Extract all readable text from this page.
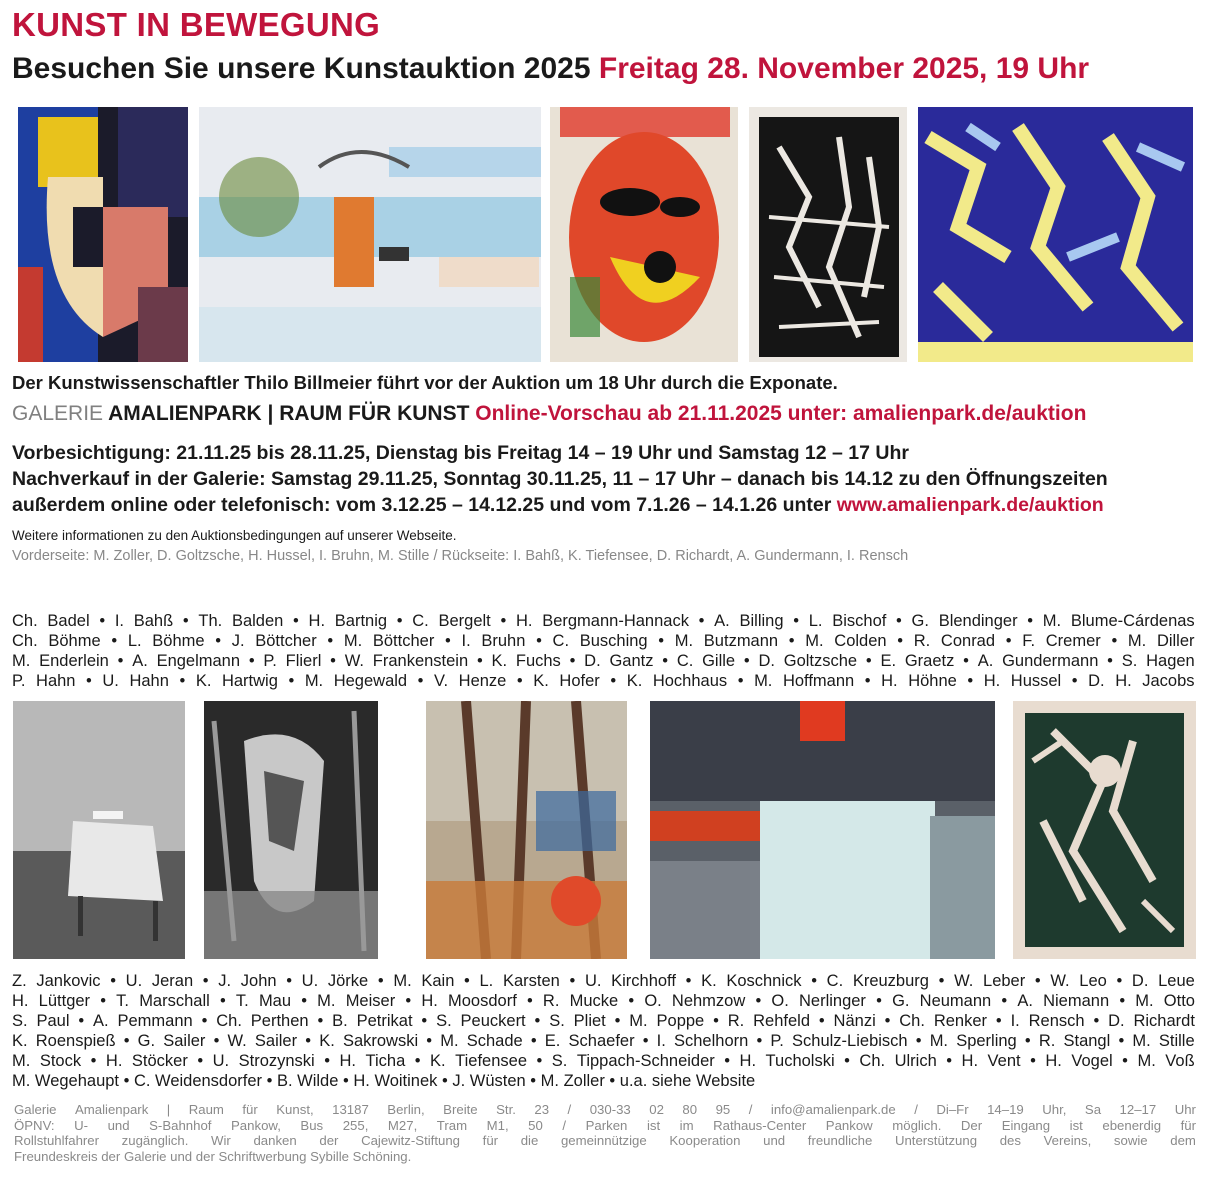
KUNST IN BEWEGUNG
Besuchen Sie unsere Kunstauktion 2025 Freitag 28. November 2025, 19 Uhr
Der Kunstwissenschaftler Thilo Billmeier führt vor der Auktion um 18 Uhr durch die Exponate.
GALERIE AMALIENPARK | RAUM FÜR KUNST Online-Vorschau ab 21.11.2025 unter: amalienpark.de/auktion
Vorbesichtigung: 21.11.25 bis 28.11.25, Dienstag bis Freitag 14 – 19 Uhr und Samstag 12 – 17 Uhr
Nachverkauf in der Galerie: Samstag 29.11.25, Sonntag 30.11.25, 11 – 17 Uhr – danach bis 14.12 zu den Öffnungszeiten
außerdem online oder telefonisch: vom 3.12.25 – 14.12.25 und vom 7.1.26 – 14.1.26 unter www.amalienpark.de/auktion
Weitere informationen zu den Auktionsbedingungen auf unserer Webseite.
Vorderseite: M. Zoller, D. Goltzsche, H. Hussel, I. Bruhn, M. Stille / Rückseite: I. Bahß, K. Tiefensee, D. Richardt, A. Gundermann, I. Rensch
Ch. Badel • I. Bahß • Th. Balden • H. Bartnig • C. Bergelt • H. Bergmann-Hannack • A. Billing • L. Bischof • G. Blendinger • M. Blume-Cárdenas
Ch. Böhme • L. Böhme • J. Böttcher • M. Böttcher • I. Bruhn • C. Busching • M. Butzmann • M. Colden • R. Conrad • F. Cremer • M. Diller
M. Enderlein • A. Engelmann • P. Flierl • W. Frankenstein • K. Fuchs • D. Gantz • C. Gille • D. Goltzsche • E. Graetz • A. Gundermann • S. Hagen
P. Hahn • U. Hahn • K. Hartwig • M. Hegewald • V. Henze • K. Hofer • K. Hochhaus • M. Hoffmann • H. Höhne • H. Hussel • D. H. Jacobs
Z. Jankovic • U. Jeran • J. John • U. Jörke • M. Kain • L. Karsten • U. Kirchhoff • K. Koschnick • C. Kreuzburg • W. Leber • W. Leo • D. Leue
H. Lüttger • T. Marschall • T. Mau • M. Meiser • H. Moosdorf • R. Mucke • O. Nehmzow • O. Nerlinger • G. Neumann • A. Niemann • M. Otto
S. Paul • A. Pemmann • Ch. Perthen • B. Petrikat • S. Peuckert • S. Pliet • M. Poppe • R. Rehfeld • Nänzi • Ch. Renker • I. Rensch • D. Richardt
K. Roenspieß • G. Sailer • W. Sailer • K. Sakrowski • M. Schade • E. Schaefer • I. Schelhorn • P. Schulz-Liebisch • M. Sperling • R. Stangl • M. Stille
M. Stock • H. Stöcker • U. Strozynski • H. Ticha • K. Tiefensee • S. Tippach-Schneider • H. Tucholski • Ch. Ulrich • H. Vent • H. Vogel • M. Voß
M. Wegehaupt • C. Weidensdorfer • B. Wilde • H. Woitinek • J. Wüsten • M. Zoller • u.a. siehe Website
Galerie Amalienpark | Raum für Kunst, 13187 Berlin, Breite Str. 23 / 030-33 02 80 95 / info@amalienpark.de / Di–Fr 14–19 Uhr, Sa 12–17 Uhr
ÖPNV: U- und S-Bahnhof Pankow, Bus 255, M27, Tram M1, 50 / Parken ist im Rathaus-Center Pankow möglich. Der Eingang ist ebenerdig für
Rollstuhlfahrer zugänglich. Wir danken der Cajewitz-Stiftung für die gemeinnützige Kooperation und freundliche Unterstützung des Vereins, sowie dem
Freundeskreis der Galerie und der Schriftwerbung Sybille Schöning.
